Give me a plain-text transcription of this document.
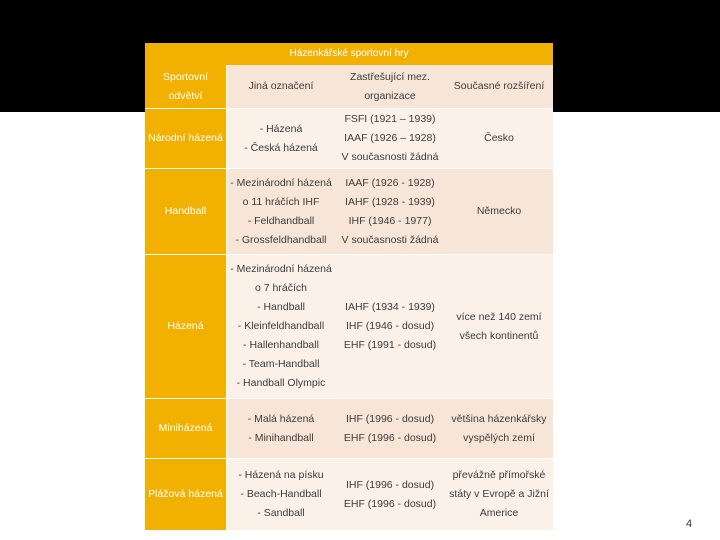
Házenkářské sportovní hry
Sportovní odvětví
Jiná označení
Zastřešující mez. organizace
Současné rozšíření
Národní házená
- Házená
- Česká házená
FSFI (1921 – 1939)
IAAF (1926 – 1928)
V současnosti žádná
Česko
Handball
- Mezinárodní házená o 11 hráčích IHF
- Feldhandball
- Grossfeldhandball
IAAF (1926 - 1928)
IAHF (1928 - 1939)
IHF (1946 - 1977)
V současnosti žádná
Německo
Házená
- Mezinárodní házená o 7 hráčích
- Handball
- Kleinfeldhandball
- Hallenhandball
- Team-Handball
- Handball Olympic
IAHF (1934 - 1939)
IHF (1946 - dosud)
EHF (1991 - dosud)
více než 140 zemí všech kontinentů
Miniházená
- Malá házená
- Minihandball
IHF (1996 - dosud)
EHF (1996 - dosud)
většina házenkářsky vyspělých zemí
Plážová házená
- Házená na písku
- Beach-Handball
- Sandball
IHF (1996 - dosud)
EHF (1996 - dosud)
převážně přímořské státy v Evropě a Jižní Americe
4
